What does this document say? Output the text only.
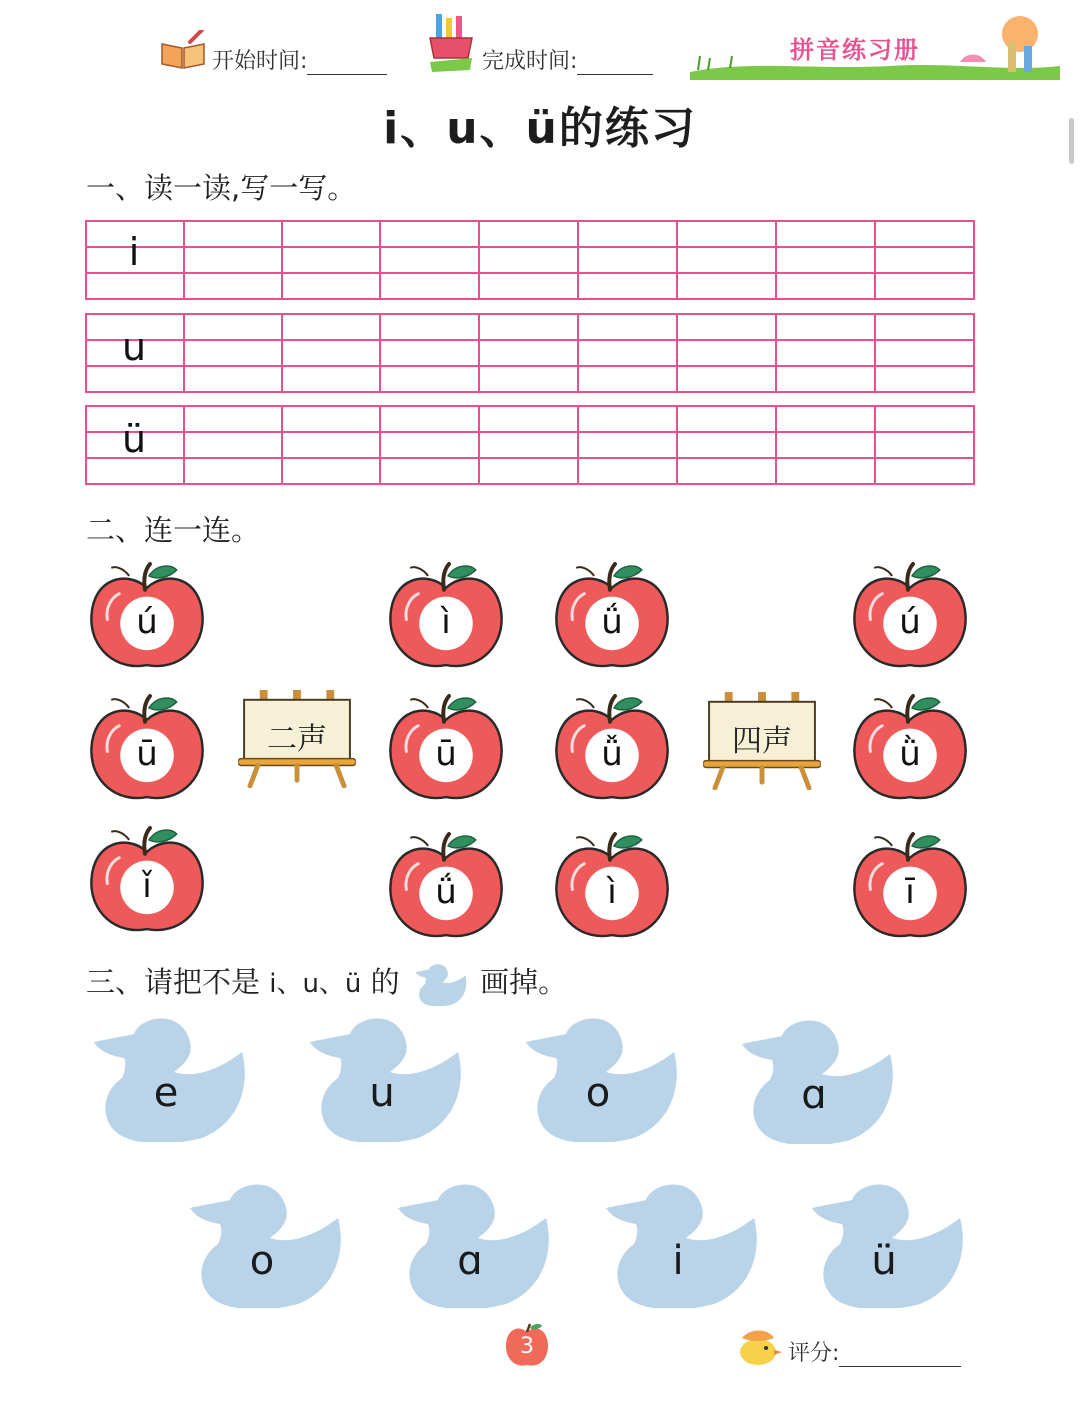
开始时间:	完成时间:	拼音练习册
i、u、ü的练习
一、读一读,写一写。
i
u
ü
二、连一连。
ú	ì	ǘ	ú
ū	二声	ū	ǚ	四声	ǜ
ǐ	ǘ	ì	ī
三、请把不是 i、u、ü 的	画掉。
e	u	o	ɑ
o	ɑ	i	ü
3	评分:
